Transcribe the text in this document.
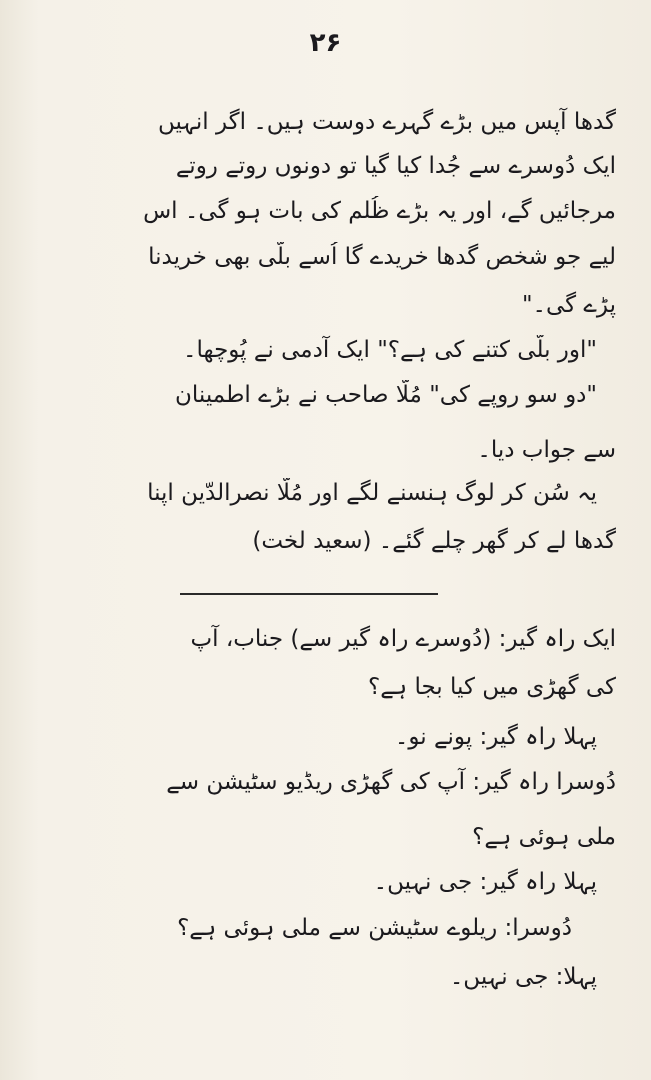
۲۶
گدھا آپس میں بڑے گہرے دوست ہیں۔ اگر انہیں
ایک دُوسرے سے جُدا کیا گیا تو دونوں روتے روتے
مرجائیں گے، اور یہ بڑے ظُلم کی بات ہو گی۔ اس
لیے جو شخص گدھا خریدے گا اُسے بلّی بھی خریدنا
پڑے گی۔"
"اور بلّی کتنے کی ہے؟" ایک آدمی نے پُوچھا۔
"دو سو روپے کی" مُلّا صاحب نے بڑے اطمینان
سے جواب دیا۔
یہ سُن کر لوگ ہنسنے لگے اور مُلّا نصرالدّین اپنا
گدھا لے کر گھر چلے گئے۔ (سعید لخت)
ایک راہ گیر: (دُوسرے راہ گیر سے) جناب، آپ
کی گھڑی میں کیا بجا ہے؟
پہلا راہ گیر: پونے نو۔
دُوسرا راہ گیر: آپ کی گھڑی ریڈیو سٹیشن سے
ملی ہوئی ہے؟
پہلا راہ گیر: جی نہیں۔
دُوسرا: ریلوے سٹیشن سے ملی ہوئی ہے؟
پہلا: جی نہیں۔
